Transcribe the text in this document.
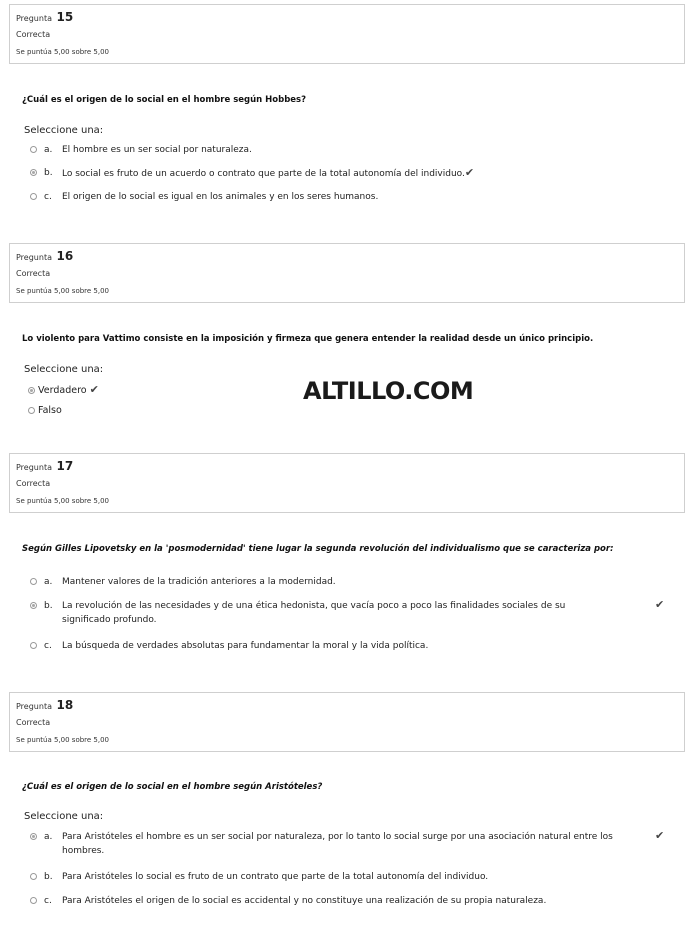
Pregunta 15
Correcta
Se puntúa 5,00 sobre 5,00
¿Cuál es el origen de lo social en el hombre según Hobbes?
Seleccione una:
a. El hombre es un ser social por naturaleza.
b. Lo social es fruto de un acuerdo o contrato que parte de la total autonomía del individuo.✔
c. El origen de lo social es igual en los animales y en los seres humanos.
Pregunta 16
Correcta
Se puntúa 5,00 sobre 5,00
Lo violento para Vattimo consiste en la imposición y firmeza que genera entender la realidad desde un único principio.
Seleccione una:
Verdadero ✔
Falso
ALTILLO.COM
Pregunta 17
Correcta
Se puntúa 5,00 sobre 5,00
Según Gilles Lipovetsky en la 'posmodernidad' tiene lugar la segunda revolución del individualismo que se caracteriza por:
a. Mantener valores de la tradición anteriores a la modernidad.
b. La revolución de las necesidades y de una ética hedonista, que vacía poco a poco las finalidades sociales de su significado profundo.
✔
c. La búsqueda de verdades absolutas para fundamentar la moral y la vida política.
Pregunta 18
Correcta
Se puntúa 5,00 sobre 5,00
¿Cuál es el origen de lo social en el hombre según Aristóteles?
Seleccione una:
a. Para Aristóteles el hombre es un ser social por naturaleza, por lo tanto lo social surge por una asociación natural entre los hombres.
✔
b. Para Aristóteles lo social es fruto de un contrato que parte de la total autonomía del individuo.
c. Para Aristóteles el origen de lo social es accidental y no constituye una realización de su propia naturaleza.
